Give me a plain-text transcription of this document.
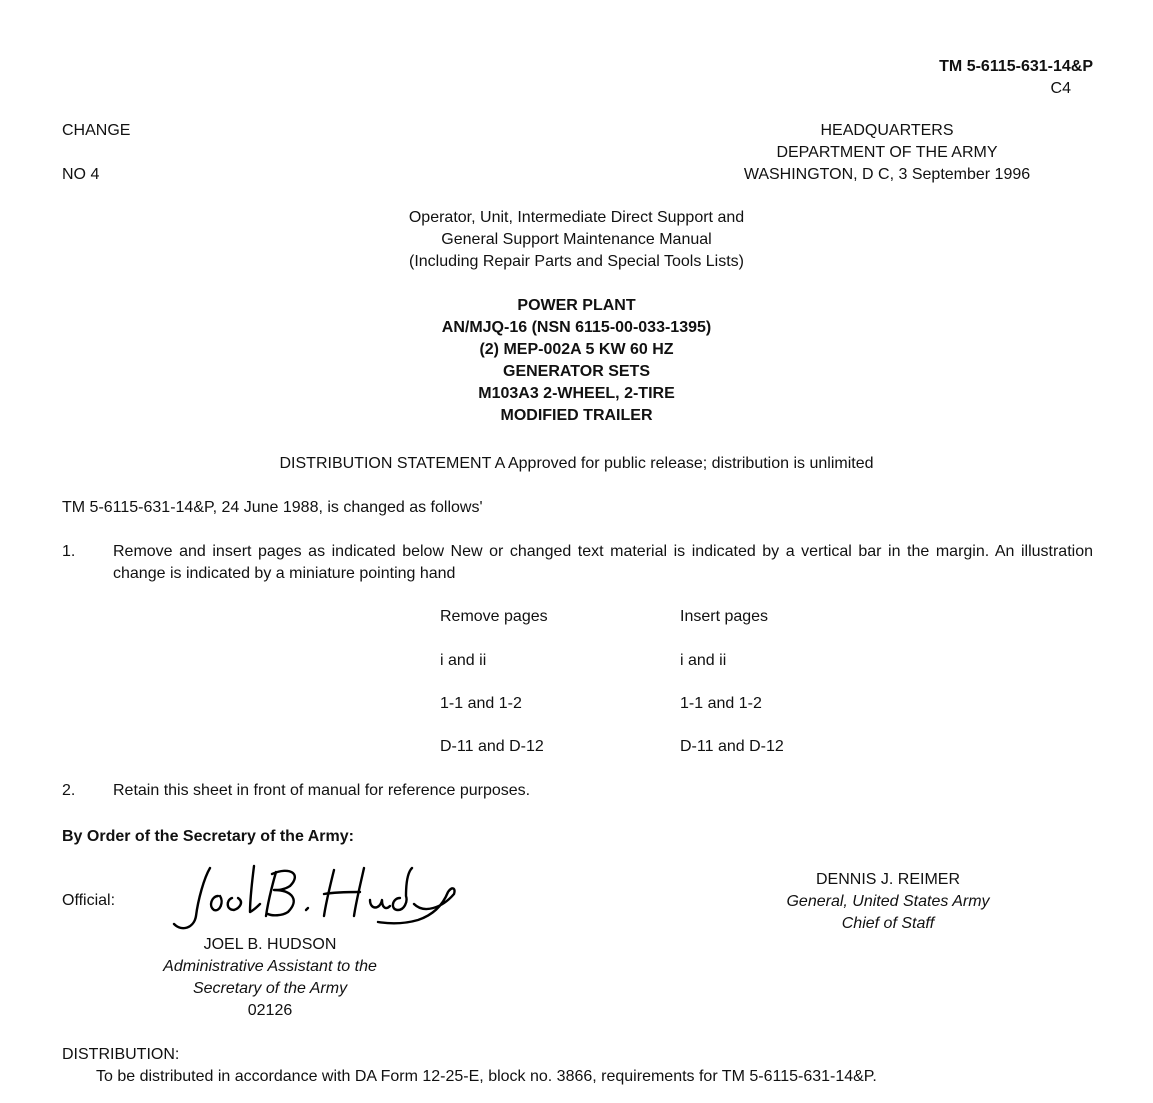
TM 5-6115-631-14&P
C4
CHANGE
NO 4
HEADQUARTERS
DEPARTMENT OF THE ARMY
WASHINGTON, D C, 3 September 1996
Operator, Unit, Intermediate Direct Support and
General Support Maintenance Manual
(Including Repair Parts and Special Tools Lists)
POWER PLANT
AN/MJQ-16 (NSN 6115-00-033-1395)
(2) MEP-002A 5 KW 60 HZ
GENERATOR SETS
M103A3 2-WHEEL, 2-TIRE
MODIFIED TRAILER
DISTRIBUTION STATEMENT A Approved for public release; distribution is unlimited
TM 5-6115-631-14&P, 24 June 1988, is changed as follows'
1. Remove and insert pages as indicated below New or changed text material is indicated by a vertical bar in the margin. An illustration change is indicated by a miniature pointing hand
Remove pages	Insert pages
i and ii	i and ii
1-1 and 1-2	1-1 and 1-2
D-11 and D-12	D-11 and D-12
2. Retain this sheet in front of manual for reference purposes.
By Order of the Secretary of the Army:
Official:
JOEL B. HUDSON
Administrative Assistant to the
Secretary of the Army
02126
DENNIS J. REIMER
General, United States Army
Chief of Staff
DISTRIBUTION:
To be distributed in accordance with DA Form 12-25-E, block no. 3866, requirements for TM 5-6115-631-14&P.
